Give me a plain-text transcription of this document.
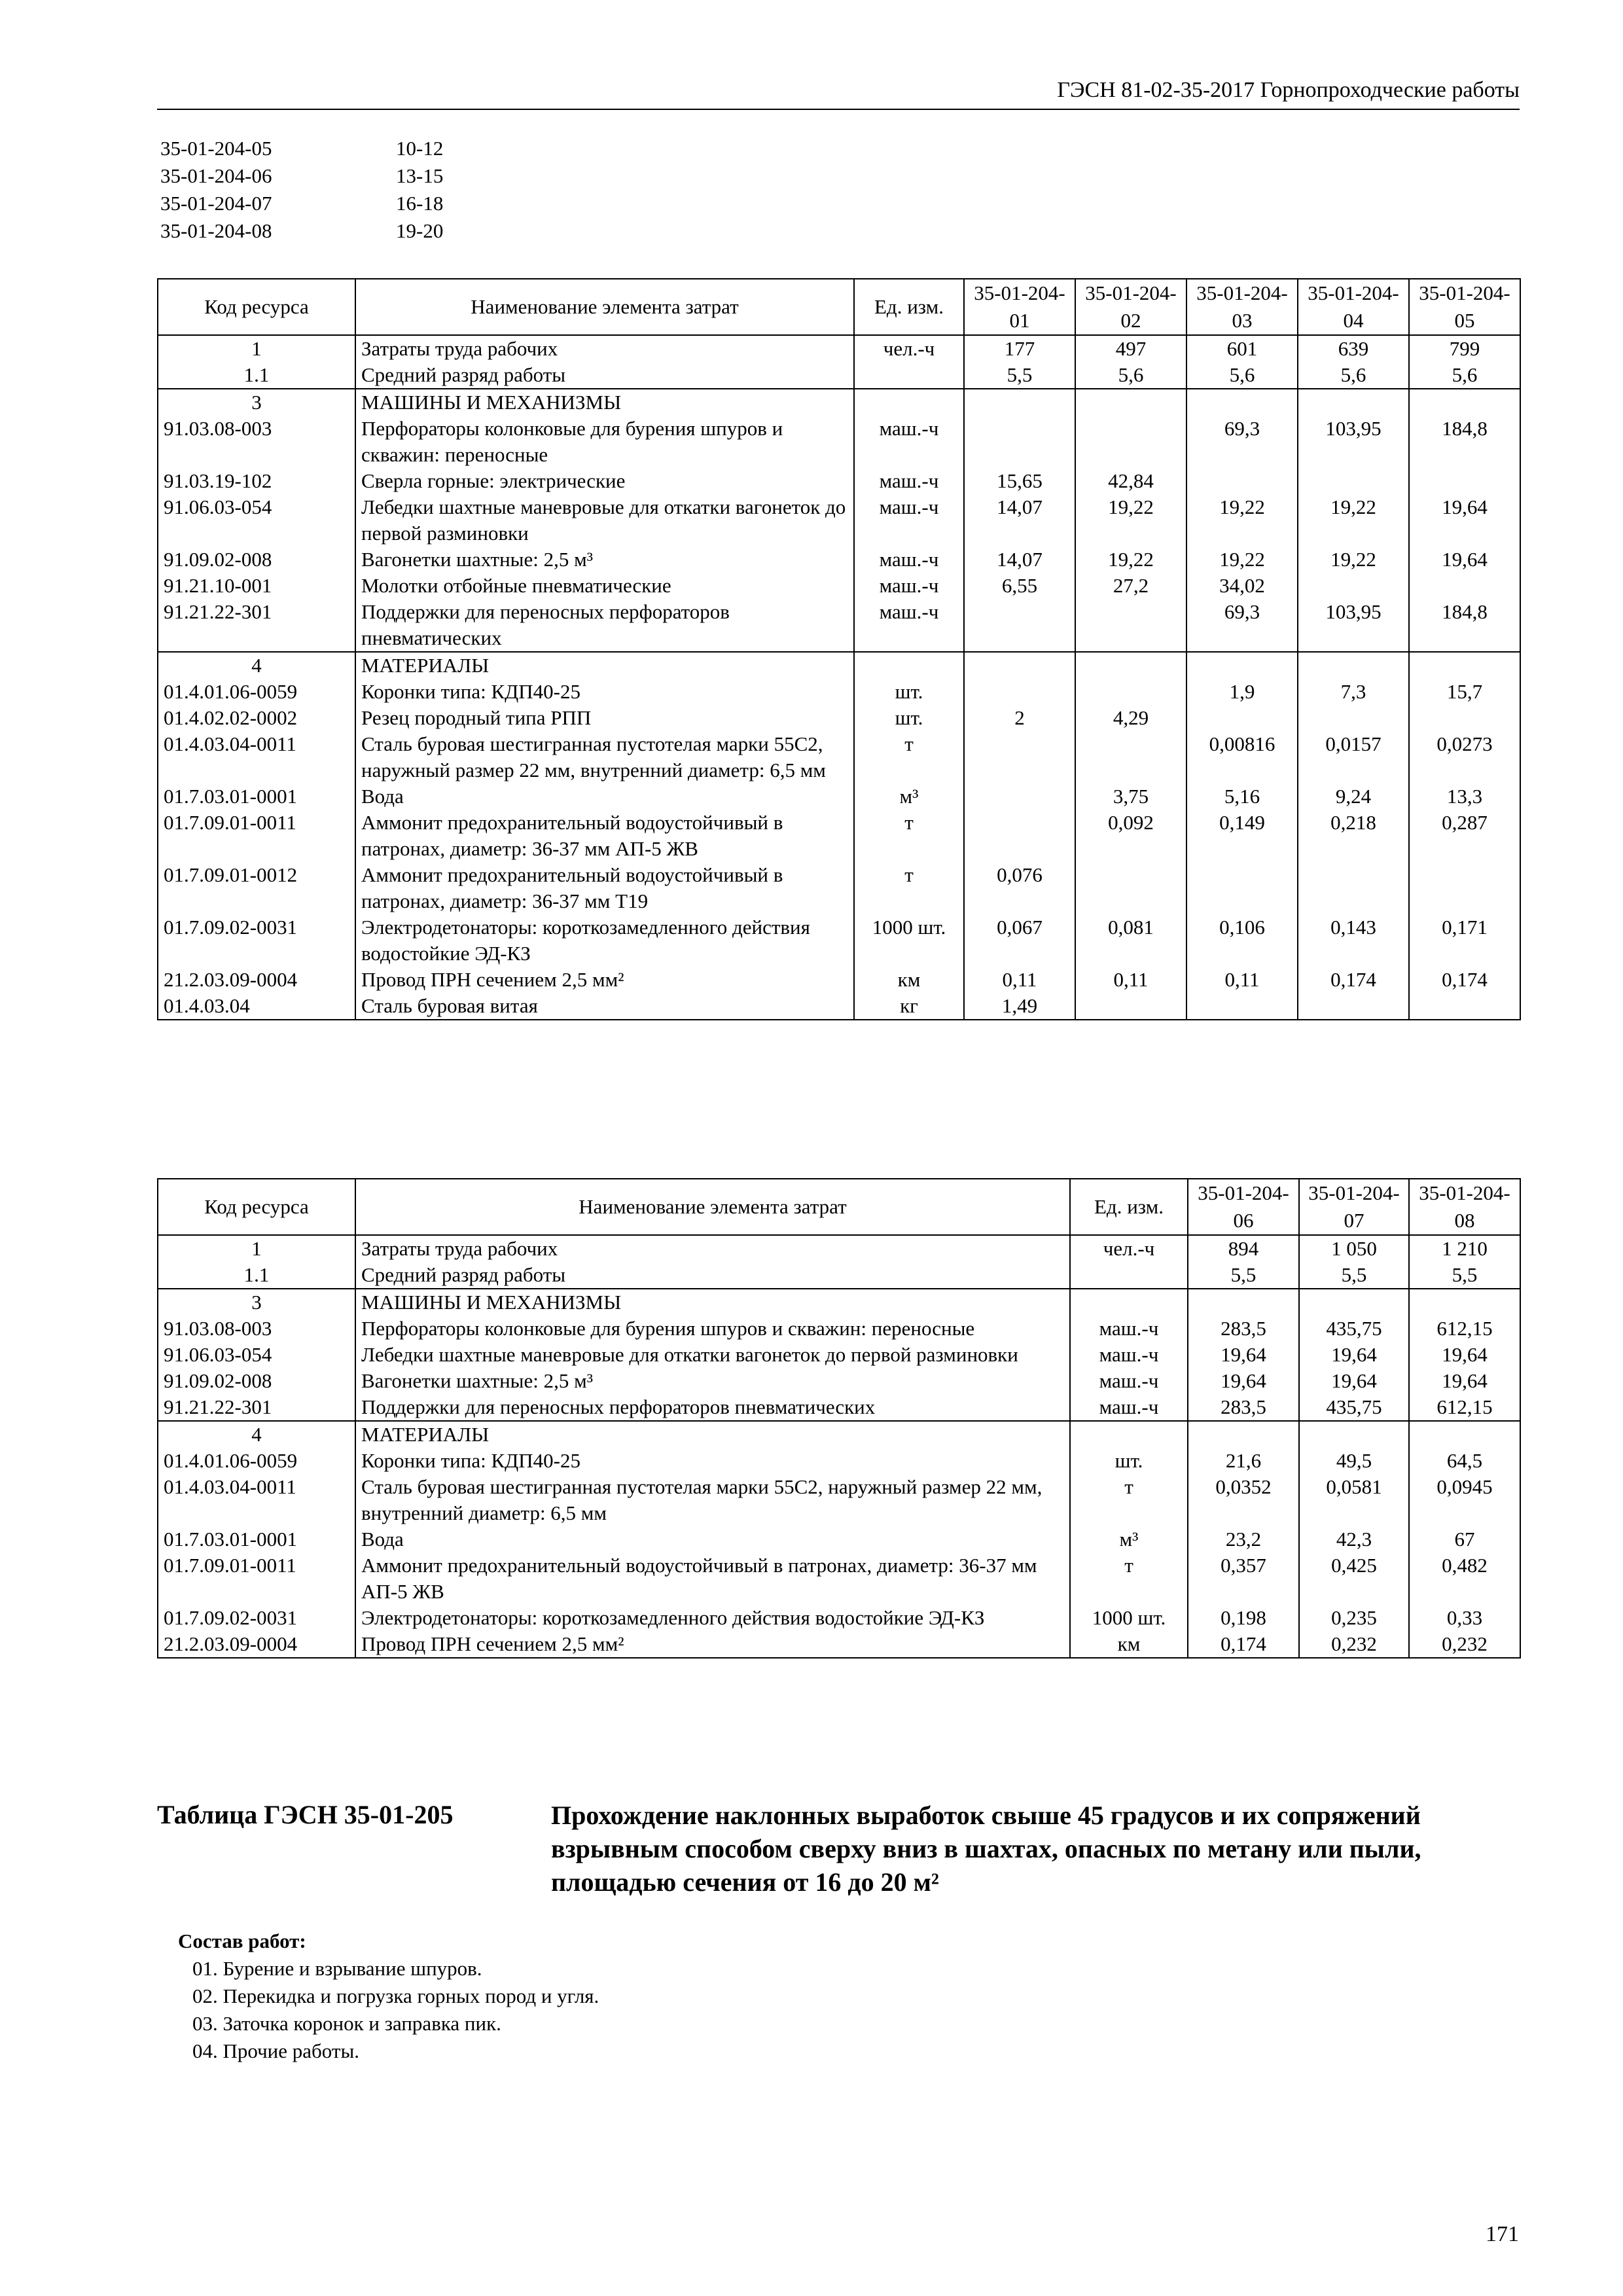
ГЭСН 81-02-35-2017 Горнопроходческие работы
35-01-204-05	10-12
35-01-204-06	13-15
35-01-204-07	16-18
35-01-204-08	19-20
Код ресурса	Наименование элемента затрат	Ед. изм.	35-01-204-01	35-01-204-02	35-01-204-03	35-01-204-04	35-01-204-05
1	Затраты труда рабочих	чел.-ч	177	497	601	639	799
1.1	Средний разряд работы		5,5	5,6	5,6	5,6	5,6
3	МАШИНЫ И МЕХАНИЗМЫ						
91.03.08-003	Перфораторы колонковые для бурения шпуров и скважин: переносные	маш.-ч			69,3	103,95	184,8
91.03.19-102	Сверла горные: электрические	маш.-ч	15,65	42,84			
91.06.03-054	Лебедки шахтные маневровые для откатки вагонеток до первой разминовки	маш.-ч	14,07	19,22	19,22	19,22	19,64
91.09.02-008	Вагонетки шахтные: 2,5 м³	маш.-ч	14,07	19,22	19,22	19,22	19,64
91.21.10-001	Молотки отбойные пневматические	маш.-ч	6,55	27,2	34,02		
91.21.22-301	Поддержки для переносных перфораторов пневматических	маш.-ч			69,3	103,95	184,8
4	МАТЕРИАЛЫ						
01.4.01.06-0059	Коронки типа: КДП40-25	шт.			1,9	7,3	15,7
01.4.02.02-0002	Резец породный типа РПП	шт.	2	4,29			
01.4.03.04-0011	Сталь буровая шестигранная пустотелая марки 55С2, наружный размер 22 мм, внутренний диаметр: 6,5 мм	т			0,00816	0,0157	0,0273
01.7.03.01-0001	Вода	м³		3,75	5,16	9,24	13,3
01.7.09.01-0011	Аммонит предохранительный водоустойчивый в патронах, диаметр: 36-37 мм АП-5 ЖВ	т		0,092	0,149	0,218	0,287
01.7.09.01-0012	Аммонит предохранительный водоустойчивый в патронах, диаметр: 36-37 мм Т19	т	0,076				
01.7.09.02-0031	Электродетонаторы: короткозамедленного действия водостойкие ЭД-КЗ	1000 шт.	0,067	0,081	0,106	0,143	0,171
21.2.03.09-0004	Провод ПРН сечением 2,5 мм²	км	0,11	0,11	0,11	0,174	0,174
01.4.03.04	Сталь буровая витая	кг	1,49				
Код ресурса	Наименование элемента затрат	Ед. изм.	35-01-204-06	35-01-204-07	35-01-204-08
1	Затраты труда рабочих	чел.-ч	894	1 050	1 210
1.1	Средний разряд работы		5,5	5,5	5,5
3	МАШИНЫ И МЕХАНИЗМЫ				
91.03.08-003	Перфораторы колонковые для бурения шпуров и скважин: переносные	маш.-ч	283,5	435,75	612,15
91.06.03-054	Лебедки шахтные маневровые для откатки вагонеток до первой разминовки	маш.-ч	19,64	19,64	19,64
91.09.02-008	Вагонетки шахтные: 2,5 м³	маш.-ч	19,64	19,64	19,64
91.21.22-301	Поддержки для переносных перфораторов пневматических	маш.-ч	283,5	435,75	612,15
4	МАТЕРИАЛЫ				
01.4.01.06-0059	Коронки типа: КДП40-25	шт.	21,6	49,5	64,5
01.4.03.04-0011	Сталь буровая шестигранная пустотелая марки 55С2, наружный размер 22 мм, внутренний диаметр: 6,5 мм	т	0,0352	0,0581	0,0945
01.7.03.01-0001	Вода	м³	23,2	42,3	67
01.7.09.01-0011	Аммонит предохранительный водоустойчивый в патронах, диаметр: 36-37 мм АП-5 ЖВ	т	0,357	0,425	0,482
01.7.09.02-0031	Электродетонаторы: короткозамедленного действия водостойкие ЭД-КЗ	1000 шт.	0,198	0,235	0,33
21.2.03.09-0004	Провод ПРН сечением 2,5 мм²	км	0,174	0,232	0,232
Таблица ГЭСН 35-01-205	Прохождение наклонных выработок свыше 45 градусов и их сопряжений взрывным способом сверху вниз в шахтах, опасных по метану или пыли, площадью сечения от 16 до 20 м²
Состав работ:
01. Бурение и взрывание шпуров.
02. Перекидка и погрузка горных пород и угля.
03. Заточка коронок и заправка пик.
04. Прочие работы.
171
